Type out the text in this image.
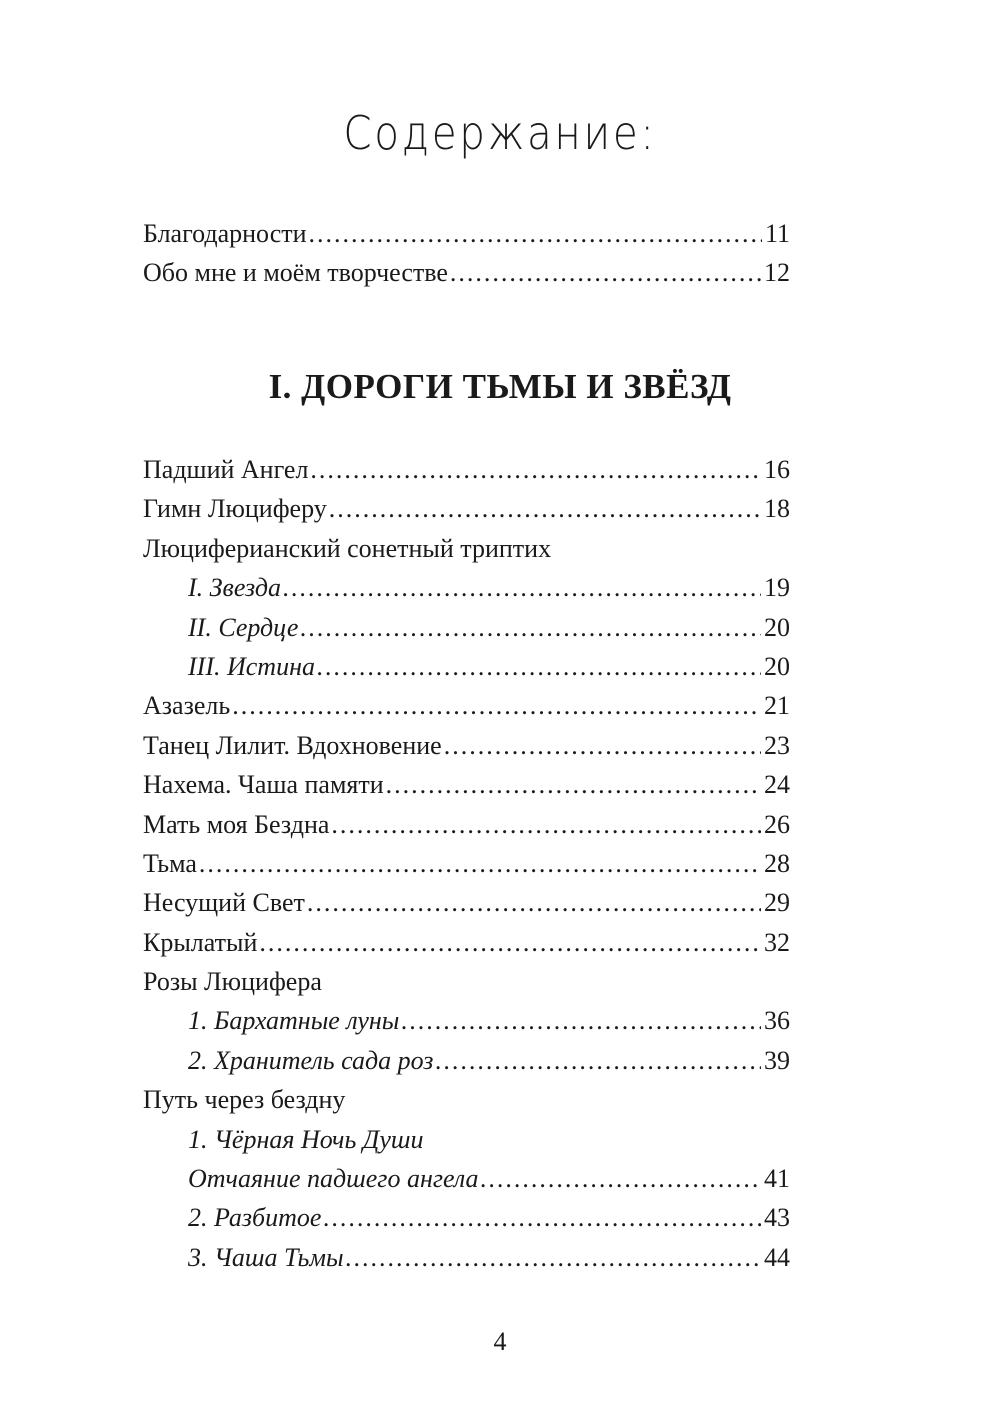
Содержание:
Благодарности .....	11
Обо мне и моём творчестве .....	12
I. ДОРОГИ ТЬМЫ И ЗВЁЗД
Падший Ангел .....	16
Гимн Люциферу .....	18
Люциферианский сонетный триптих
I. Звезда .....	19
II. Сердце .....	20
III. Истина .....	20
Азазель .....	21
Танец Лилит. Вдохновение .....	23
Нахема. Чаша памяти .....	24
Мать моя Бездна .....	26
Тьма .....	28
Несущий Свет .....	29
Крылатый .....	32
Розы Люцифера
1. Бархатные луны .....	36
2. Хранитель сада роз .....	39
Путь через бездну
1. Чёрная Ночь Души
Отчаяние падшего ангела .....	41
2. Разбитое .....	43
3. Чаша Тьмы .....	44
4
